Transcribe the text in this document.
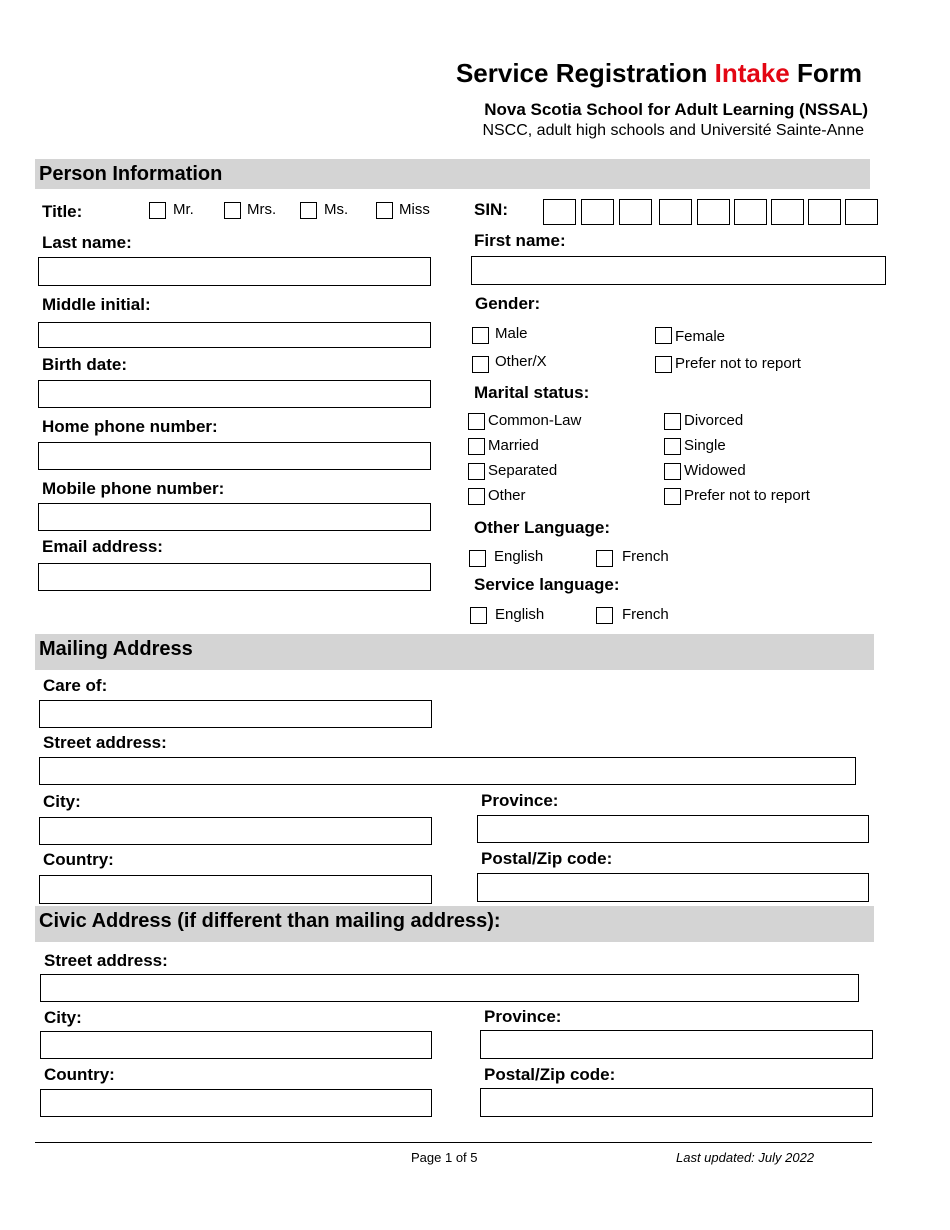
Service Registration Intake Form
Nova Scotia School for Adult Learning (NSSAL)
NSCC, adult high schools and Université Sainte-Anne
Person Information
Title:	Mr.	Mrs.	Ms.	Miss	SIN:
Last name:	First name:
Middle initial:	Gender:
Male	Female
Other/X	Prefer not to report
Birth date:
Marital status:
Common-Law	Divorced
Married	Single
Separated	Widowed
Other	Prefer not to report
Home phone number:
Mobile phone number:
Other Language:
English	French
Email address:
Service language:
English	French
Mailing Address
Care of:
Street address:
City:	Province:
Country:	Postal/Zip code:
Civic Address (if different than mailing address):
Street address:
City:	Province:
Country:	Postal/Zip code:
Page 1 of 5	Last updated: July 2022
